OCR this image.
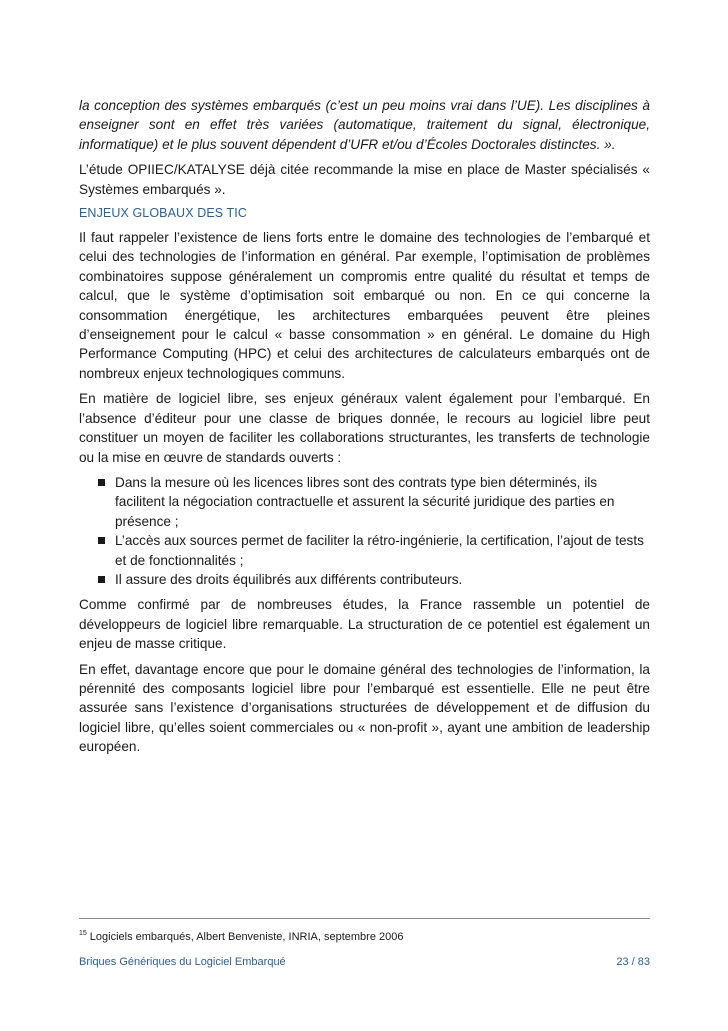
la conception des systèmes embarqués (c’est un peu moins vrai dans l’UE). Les disciplines à enseigner sont en effet très variées (automatique, traitement du signal, électronique, informatique) et le plus souvent dépendent d’UFR et/ou d’Écoles Doctorales distinctes. ».

L’étude OPIIEC/KATALYSE déjà citée recommande la mise en place de Master spécialisés « Systèmes embarqués ».

ENJEUX GLOBAUX DES TIC

Il faut rappeler l’existence de liens forts entre le domaine des technologies de l’embarqué et celui des technologies de l’information en général. Par exemple, l’optimisation de problèmes combinatoires suppose généralement un compromis entre qualité du résultat et temps de calcul, que le système d’optimisation soit embarqué ou non. En ce qui concerne la consommation énergétique, les architectures embarquées peuvent être pleines d’enseignement pour le calcul « basse consommation » en général. Le domaine du High Performance Computing (HPC) et celui des architectures de calculateurs embarqués ont de nombreux enjeux technologiques communs.

En matière de logiciel libre, ses enjeux généraux valent également pour l’embarqué. En l’absence d’éditeur pour une classe de briques donnée, le recours au logiciel libre peut constituer un moyen de faciliter les collaborations structurantes, les transferts de technologie ou la mise en œuvre de standards ouverts :

Dans la mesure où les licences libres sont des contrats type bien déterminés, ils facilitent la négociation contractuelle et assurent la sécurité juridique des parties en présence ;
L’accès aux sources permet de faciliter la rétro-ingénierie, la certification, l’ajout de tests et de fonctionnalités ;
Il assure des droits équilibrés aux différents contributeurs.

Comme confirmé par de nombreuses études, la France rassemble un potentiel de développeurs de logiciel libre remarquable. La structuration de ce potentiel est également un enjeu de masse critique.

En effet, davantage encore que pour le domaine général des technologies de l’information, la pérennité des composants logiciel libre pour l’embarqué est essentielle. Elle ne peut être assurée sans l’existence d’organisations structurées de développement et de diffusion du logiciel libre, qu’elles soient commerciales ou « non-profit », ayant une ambition de leadership européen.

$^{15}$ Logiciels embarqués, Albert Benveniste, INRIA, septembre 2006
Briques Génériques du Logiciel Embarqué	23 / 83
